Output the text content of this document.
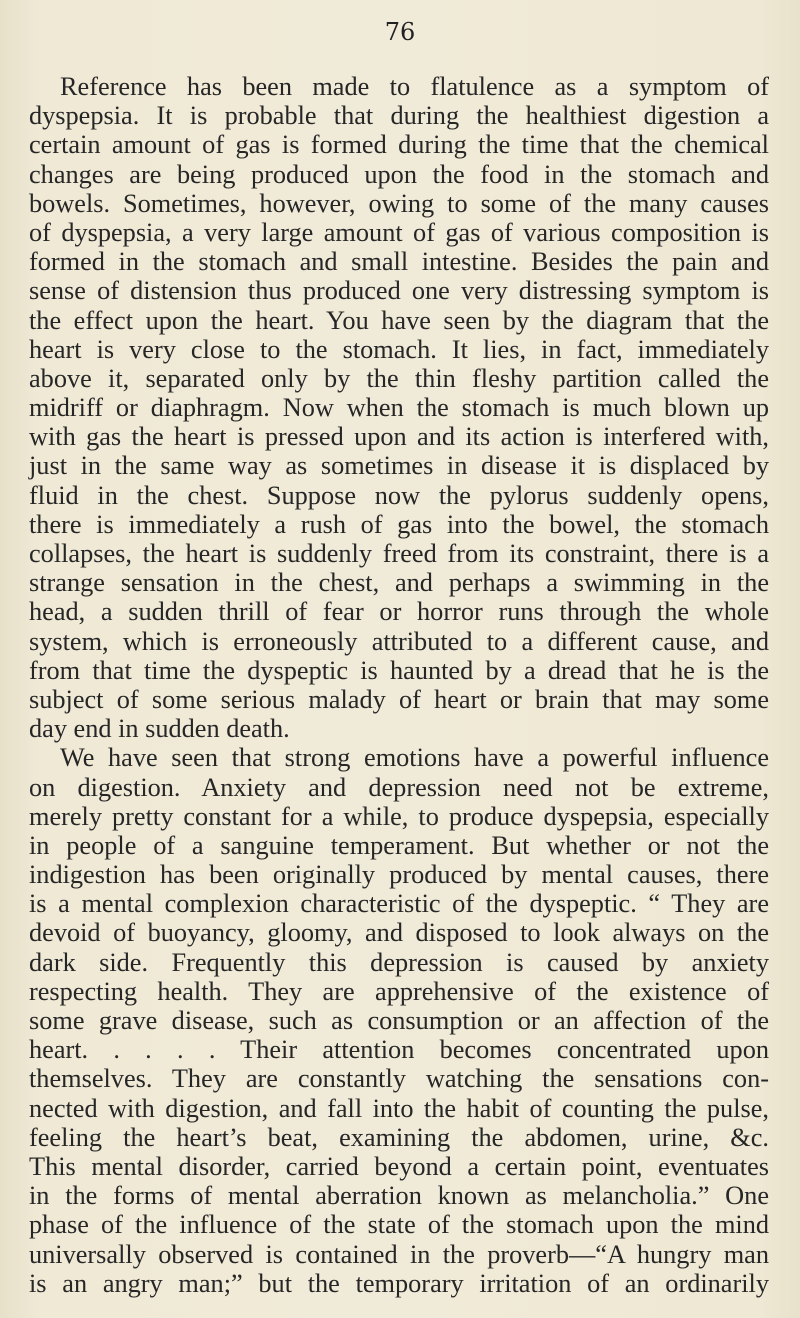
76
Reference has been made to flatulence as a symptom of
dyspepsia. It is probable that during the healthiest digestion a
certain amount of gas is formed during the time that the chemical
changes are being produced upon the food in the stomach and
bowels. Sometimes, however, owing to some of the many causes
of dyspepsia, a very large amount of gas of various composition is
formed in the stomach and small intestine. Besides the pain and
sense of distension thus produced one very distressing symptom is
the effect upon the heart. You have seen by the diagram that the
heart is very close to the stomach. It lies, in fact, immediately
above it, separated only by the thin fleshy partition called the
midriff or diaphragm. Now when the stomach is much blown up
with gas the heart is pressed upon and its action is interfered with,
just in the same way as sometimes in disease it is displaced by
fluid in the chest. Suppose now the pylorus suddenly opens,
there is immediately a rush of gas into the bowel, the stomach
collapses, the heart is suddenly freed from its constraint, there is a
strange sensation in the chest, and perhaps a swimming in the
head, a sudden thrill of fear or horror runs through the whole
system, which is erroneously attributed to a different cause, and
from that time the dyspeptic is haunted by a dread that he is the
subject of some serious malady of heart or brain that may some
day end in sudden death.
We have seen that strong emotions have a powerful influence
on digestion. Anxiety and depression need not be extreme,
merely pretty constant for a while, to produce dyspepsia, especially
in people of a sanguine temperament. But whether or not the
indigestion has been originally produced by mental causes, there
is a mental complexion characteristic of the dyspeptic. “ They are
devoid of buoyancy, gloomy, and disposed to look always on the
dark side. Frequently this depression is caused by anxiety
respecting health. They are apprehensive of the existence of
some grave disease, such as consumption or an affection of the
heart. . . . . Their attention becomes concentrated upon
themselves. They are constantly watching the sensations con-
nected with digestion, and fall into the habit of counting the pulse,
feeling the heart’s beat, examining the abdomen, urine, &c.
This mental disorder, carried beyond a certain point, eventuates
in the forms of mental aberration known as melancholia.” One
phase of the influence of the state of the stomach upon the mind
universally observed is contained in the proverb—“A hungry man
is an angry man;” but the temporary irritation of an ordinarily
